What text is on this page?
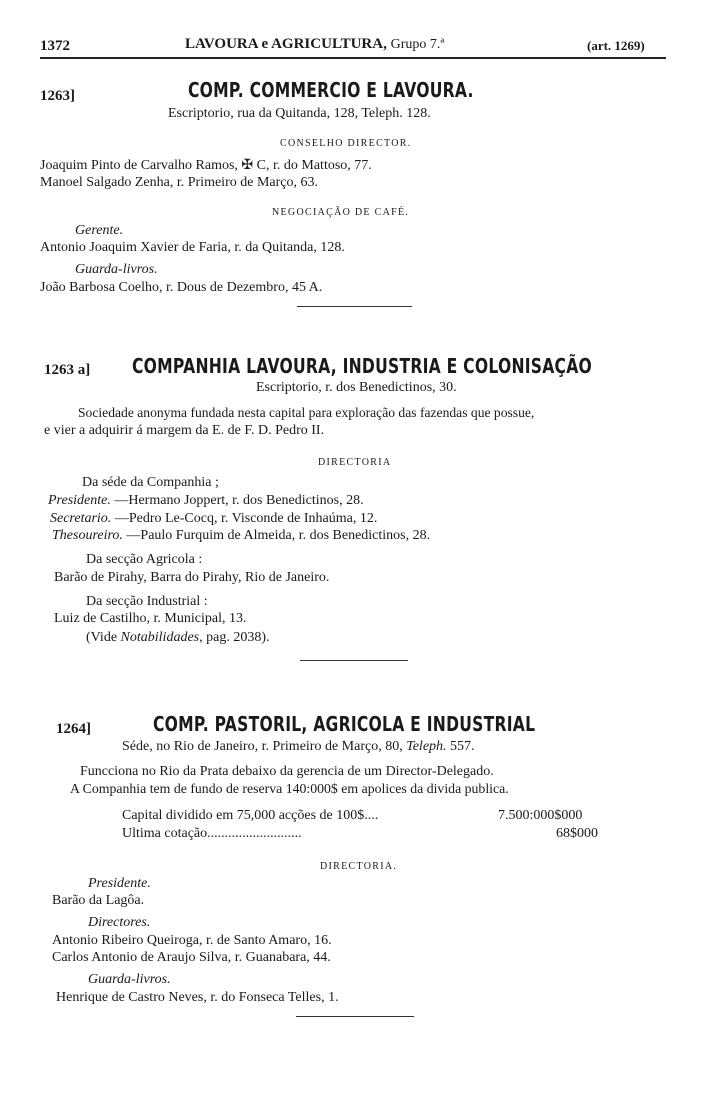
1372	LAVOURA e AGRICULTURA, Grupo 7.ª	(art. 1269)
1263]	COMP. COMMERCIO E LAVOURA.
Escriptorio, rua da Quitanda, 128, Teleph. 128.
CONSELHO DIRECTOR.
Joaquim Pinto de Carvalho Ramos, ✠ C, r. do Mattoso, 77.
Manoel Salgado Zenha, r. Primeiro de Março, 63.
NEGOCIAÇÃO DE CAFÉ.
Gerente.
Antonio Joaquim Xavier de Faria, r. da Quitanda, 128.
Guarda-livros.
João Barbosa Coelho, r. Dous de Dezembro, 45 A.
1263 a] COMPANHIA LAVOURA, INDUSTRIA E COLONISAÇÃO
Escriptorio, r. dos Benedictinos, 30.
Sociedade anonyma fundada nesta capital para exploração das fazendas que possue,
e vier a adquirir á margem da E. de F. D. Pedro II.
DIRECTORIA
Da séde da Companhia ;
Presidente. —Hermano Joppert, r. dos Benedictinos, 28.
Secretario. —Pedro Le-Cocq, r. Visconde de Inhaúma, 12.
Thesoureiro. —Paulo Furquim de Almeida, r. dos Benedictinos, 28.
Da secção Agricola :
Barão de Pirahy, Barra do Pirahy, Rio de Janeiro.
Da secção Industrial :
Luiz de Castilho, r. Municipal, 13.
(Vide Notabilidades, pag. 2038).
1264]	COMP. PASTORIL, AGRICOLA E INDUSTRIAL
Séde, no Rio de Janeiro, r. Primeiro de Março, 80, Teleph. 557.
Funcciona no Rio da Prata debaixo da gerencia de um Director-Delegado.
A Companhia tem de fundo de reserva 140:000$ em apolices da divida publica.
Capital dividido em 75,000 acções de 100$....	7.500:000$000
Ultima cotação...........................	68$000
DIRECTORIA.
Presidente.
Barão da Lagôa.
Directores.
Antonio Ribeiro Queiroga, r. de Santo Amaro, 16.
Carlos Antonio de Araujo Silva, r. Guanabara, 44.
Guarda-livros.
Henrique de Castro Neves, r. do Fonseca Telles, 1.
